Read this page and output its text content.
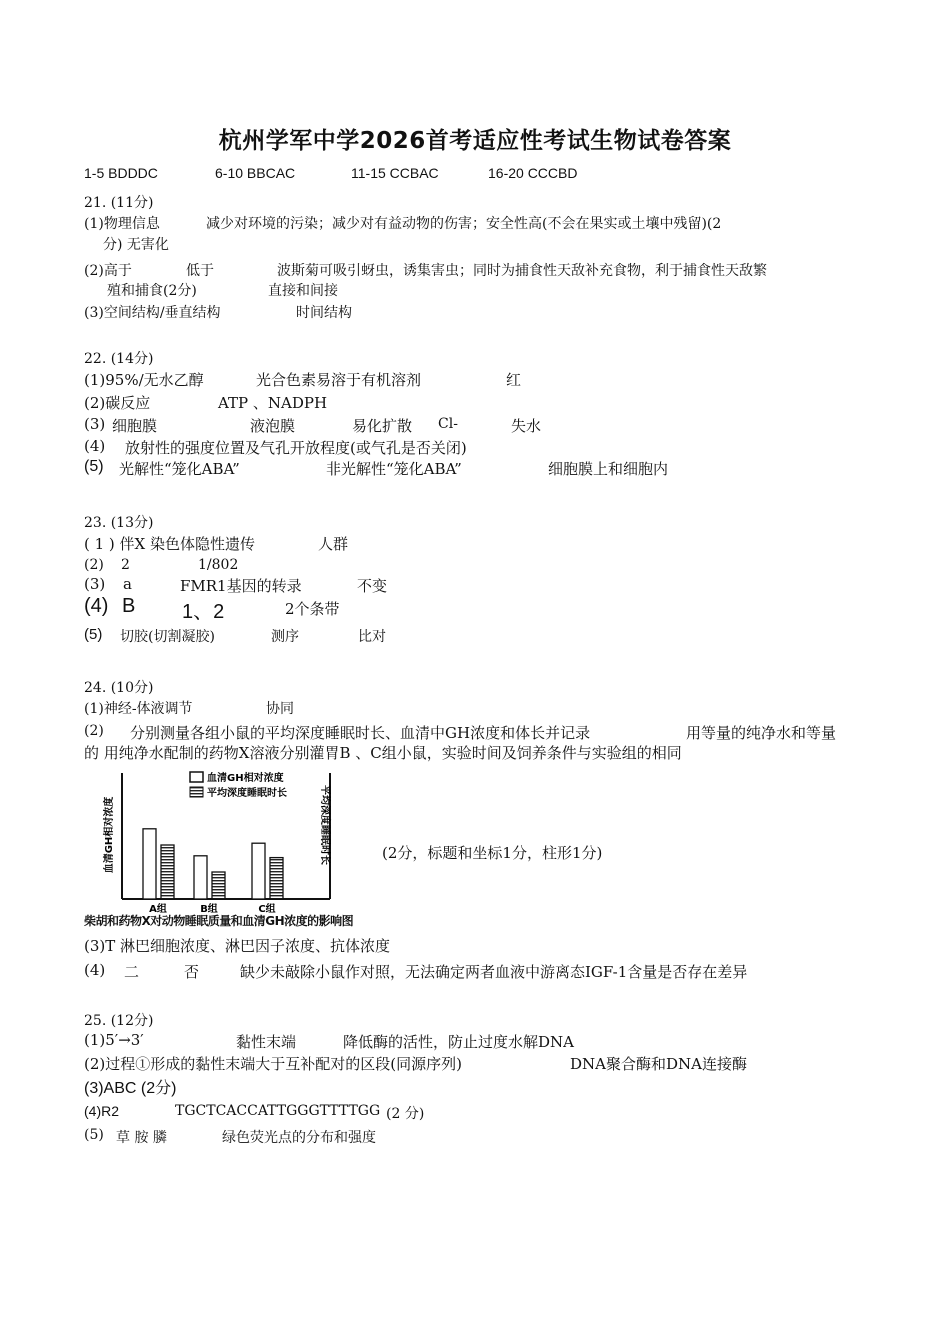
杭州学军中学2026首考适应性考试生物试卷答案
1-5 BDDDC	6-10 BBCAC	11-15 CCBAC	16-20 CCCBD
21. (11分)
(1)物理信息	减少对环境的污染；减少对有益动物的伤害；安全性高(不会在果实或土壤中残留)(2
分) 无害化
(2)高于	低于	波斯菊可吸引蚜虫，诱集害虫；同时为捕食性天敌补充食物，利于捕食性天敌繁
殖和捕食(2分)	直接和间接
(3)空间结构/垂直结构	时间结构
22. (14分)
(1)95%/无水乙醇	光合色素易溶于有机溶剂	红
(2)碳反应	ATP 、NADPH
(3) 细胞膜	液泡膜	易化扩散 Cl-	失水
(4) 放射性的强度位置及气孔开放程度(或气孔是否关闭)
(5) 光解性“笼化ABA”	非光解性“笼化ABA”	细胞膜上和细胞内
23. (13分)
( 1 ) 伴X 染色体隐性遗传	人群
(2) 2	1/802
(3) a	FMR1基因的转录	不变
(4) B 1、2	2个条带
(5) 切胶(切割凝胶)	测序	比对
24. (10分)
(1)神经-体液调节	协同
(2) 分别测量各组小鼠的平均深度睡眠时长、血清中GH浓度和体长并记录	用等量的纯净水和等量
的 用纯净水配制的药物X溶液分别灌胃B 、C组小鼠，实验时间及饲养条件与实验组的相同
血清GH相对浓度	平均深度睡眠时长
血清GH相对浓度
平均深度睡眠时长
A组	B组	C组
(2分，标题和坐标1分，柱形1分)
柴胡和药物X对动物睡眠质量和血清GH浓度的影响图
(3)T 淋巴细胞浓度、淋巴因子浓度、抗体浓度
(4) 二	否	缺少未敲除小鼠作对照，无法确定两者血液中游离态IGF-1含量是否存在差异
25. (12分)
(1)5′→3′	黏性末端	降低酶的活性，防止过度水解DNA
(2)过程①形成的黏性末端大于互补配对的区段(同源序列)	DNA聚合酶和DNA连接酶
(3)ABC (2分)
(4)R2	TGCTCACCATTGGGTTTTGG (2 分)
(5) 草 胺 膦	绿色荧光点的分布和强度
